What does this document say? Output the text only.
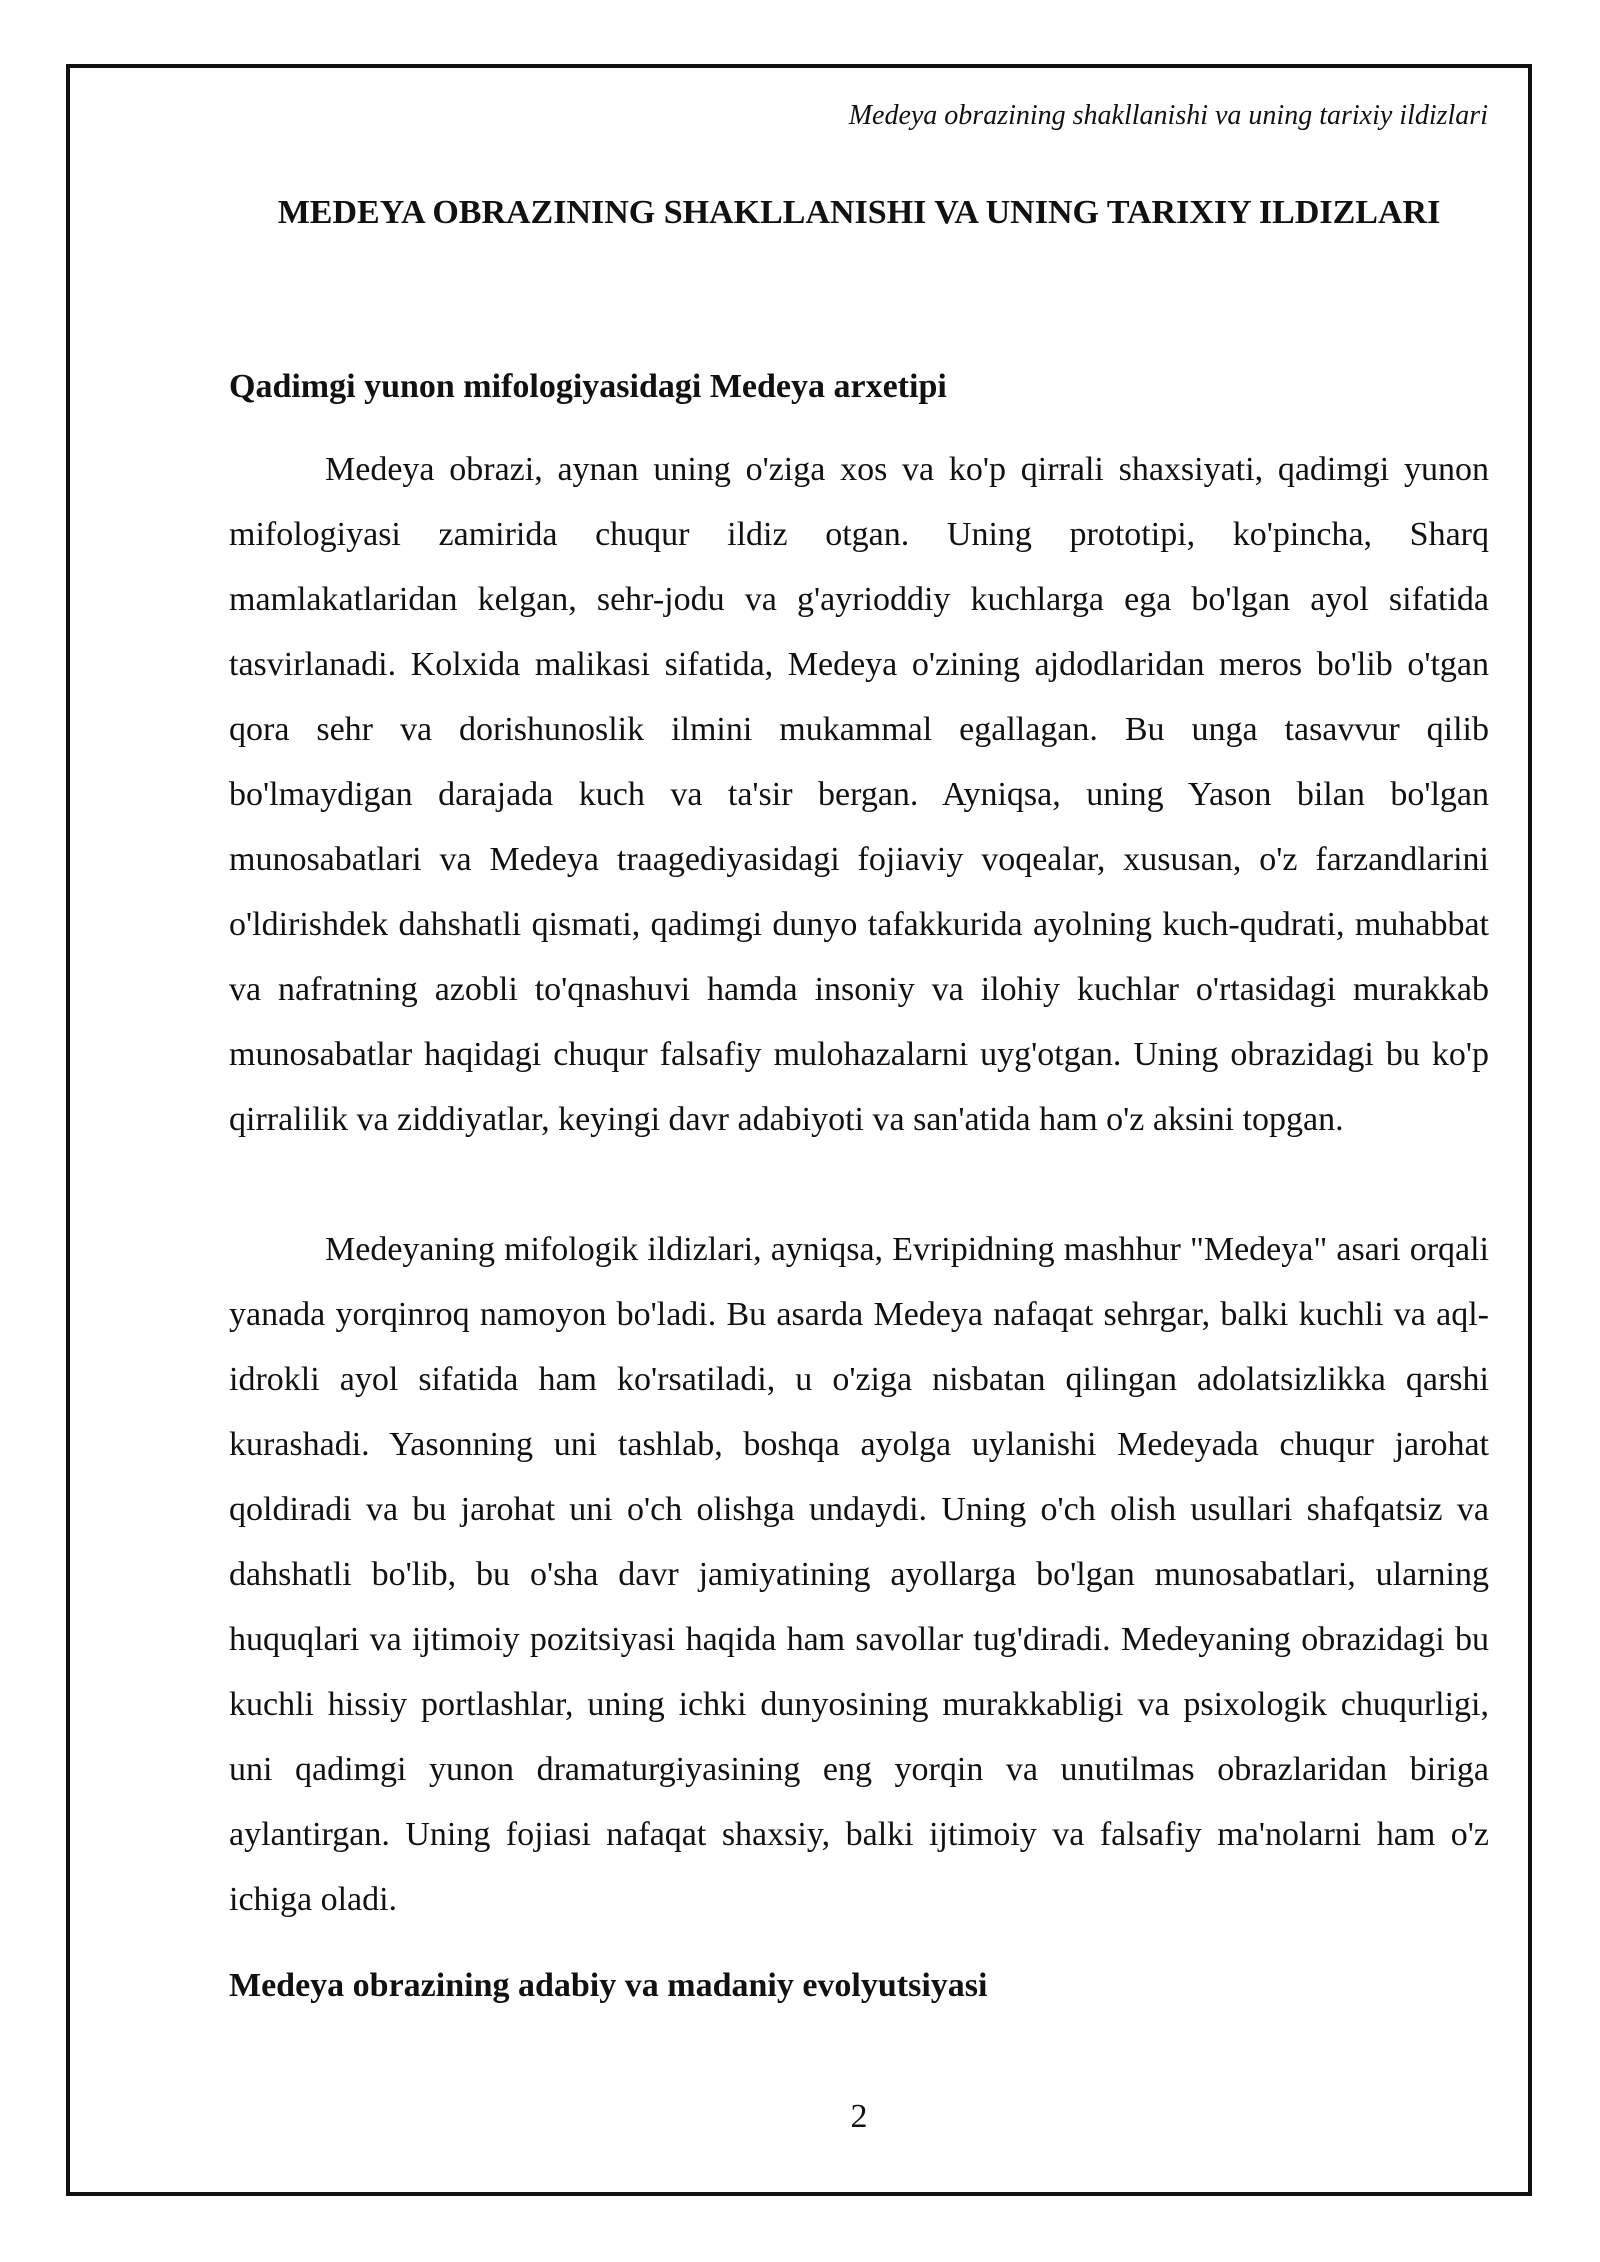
Medeya obrazining shakllanishi va uning tarixiy ildizlari
MEDEYA OBRAZINING SHAKLLANISHI VA UNING TARIXIY ILDIZLARI
Qadimgi yunon mifologiyasidagi Medeya arxetipi

Medeya obrazi, aynan uning o'ziga xos va ko'p qirrali shaxsiyati, qadimgi yunon mifologiyasi zamirida chuqur ildiz otgan. Uning prototipi, ko'pincha, Sharq mamlakatlaridan kelgan, sehr-jodu va g'ayrioddiy kuchlarga ega bo'lgan ayol sifatida tasvirlanadi. Kolxida malikasi sifatida, Medeya o'zining ajdodlaridan meros bo'lib o'tgan qora sehr va dorishunoslik ilmini mukammal egallagan. Bu unga tasavvur qilib bo'lmaydigan darajada kuch va ta'sir bergan. Ayniqsa, uning Yason bilan bo'lgan munosabatlari va Medeya traagediyasidagi fojiaviy voqealar, xususan, o'z farzandlarini o'ldirishdek dahshatli qismati, qadimgi dunyo tafakkurida ayolning kuch-qudrati, muhabbat va nafratning azobli to'qnashuvi hamda insoniy va ilohiy kuchlar o'rtasidagi murakkab munosabatlar haqidagi chuqur falsafiy mulohazalarni uyg'otgan. Uning obrazidagi bu ko'p qirralilik va ziddiyatlar, keyingi davr adabiyoti va san'atida ham o'z aksini topgan.

Medeyaning mifologik ildizlari, ayniqsa, Evripidning mashhur "Medeya" asari orqali yanada yorqinroq namoyon bo'ladi. Bu asarda Medeya nafaqat sehrgar, balki kuchli va aql-idrokli ayol sifatida ham ko'rsatiladi, u o'ziga nisbatan qilingan adolatsizlikka qarshi kurashadi. Yasonning uni tashlab, boshqa ayolga uylanishi Medeyada chuqur jarohat qoldiradi va bu jarohat uni o'ch olishga undaydi. Uning o'ch olish usullari shafqatsiz va dahshatli bo'lib, bu o'sha davr jamiyatining ayollarga bo'lgan munosabatlari, ularning huquqlari va ijtimoiy pozitsiyasi haqida ham savollar tug'diradi. Medeyaning obrazidagi bu kuchli hissiy portlashlar, uning ichki dunyosining murakkabligi va psixologik chuqurligi, uni qadimgi yunon dramaturgiyasining eng yorqin va unutilmas obrazlaridan biriga aylantirgan. Uning fojiasi nafaqat shaxsiy, balki ijtimoiy va falsafiy ma'nolarni ham o'z ichiga oladi.

Medeya obrazining adabiy va madaniy evolyutsiyasi
2
